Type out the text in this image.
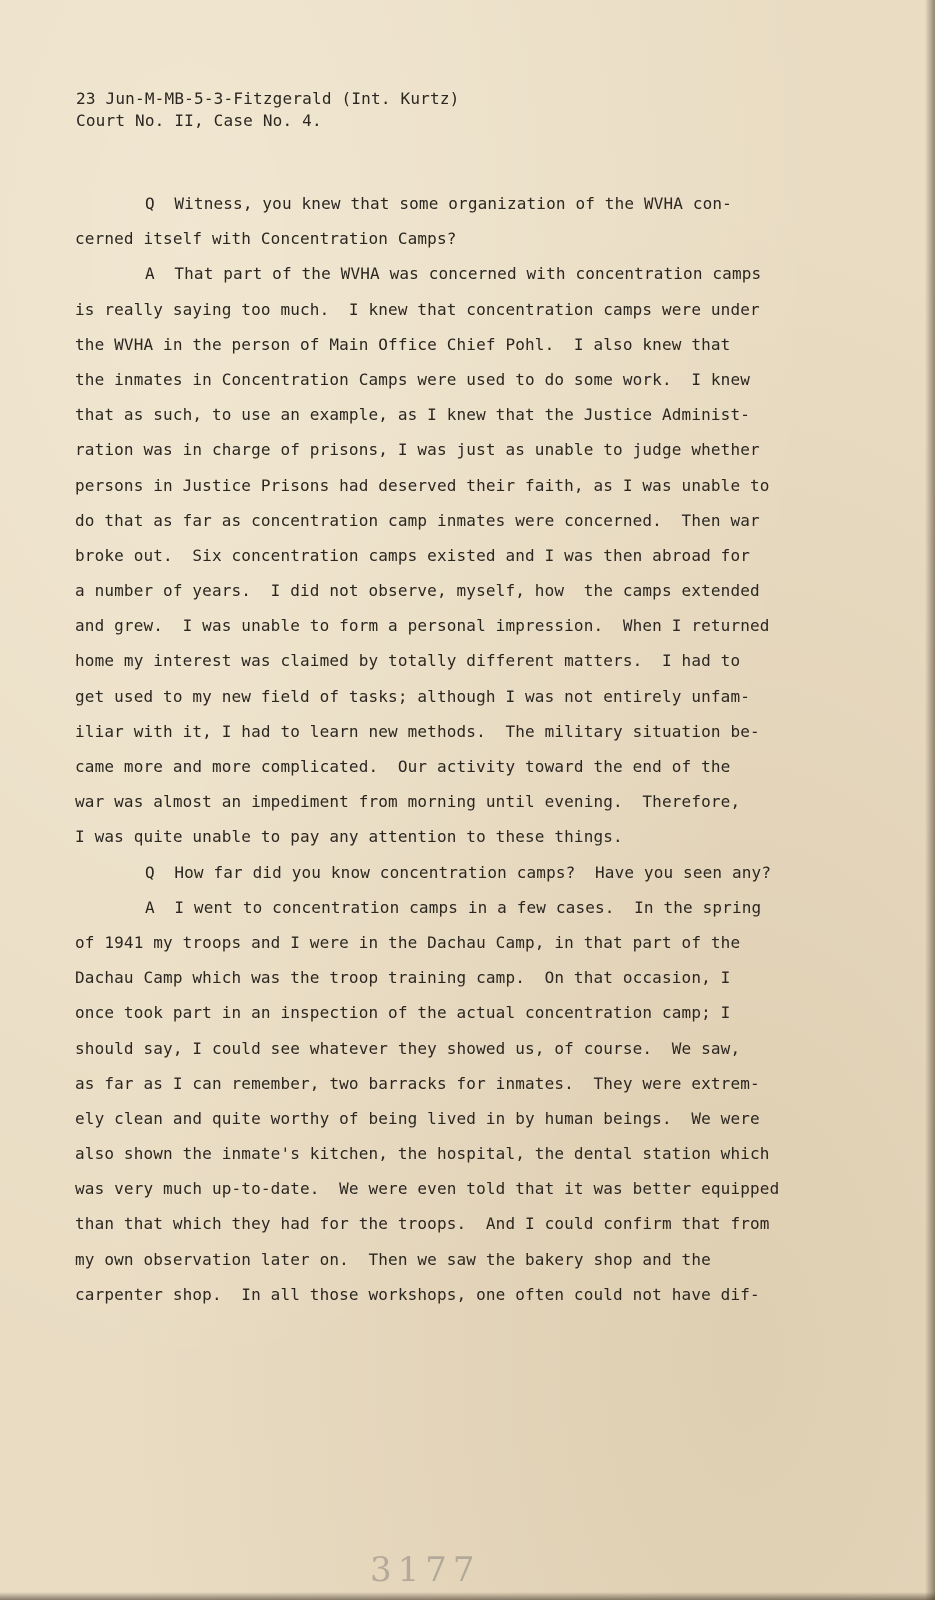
23 Jun-M-MB-5-3-Fitzgerald (Int. Kurtz)
Court No. II, Case No. 4.
Q  Witness, you knew that some organization of the WVHA con-
cerned itself with Concentration Camps?
A  That part of the WVHA was concerned with concentration camps
is really saying too much.  I knew that concentration camps were under
the WVHA in the person of Main Office Chief Pohl.  I also knew that
the inmates in Concentration Camps were used to do some work.  I knew
that as such, to use an example, as I knew that the Justice Administ-
ration was in charge of prisons, I was just as unable to judge whether
persons in Justice Prisons had deserved their faith, as I was unable to
do that as far as concentration camp inmates were concerned.  Then war
broke out.  Six concentration camps existed and I was then abroad for
a number of years.  I did not observe, myself, how  the camps extended
and grew.  I was unable to form a personal impression.  When I returned
home my interest was claimed by totally different matters.  I had to
get used to my new field of tasks; although I was not entirely unfam-
iliar with it, I had to learn new methods.  The military situation be-
came more and more complicated.  Our activity toward the end of the
war was almost an impediment from morning until evening.  Therefore,
I was quite unable to pay any attention to these things.
Q  How far did you know concentration camps?  Have you seen any?
A  I went to concentration camps in a few cases.  In the spring
of 1941 my troops and I were in the Dachau Camp, in that part of the
Dachau Camp which was the troop training camp.  On that occasion, I
once took part in an inspection of the actual concentration camp; I
should say, I could see whatever they showed us, of course.  We saw,
as far as I can remember, two barracks for inmates.  They were extrem-
ely clean and quite worthy of being lived in by human beings.  We were
also shown the inmate's kitchen, the hospital, the dental station which
was very much up-to-date.  We were even told that it was better equipped
than that which they had for the troops.  And I could confirm that from
my own observation later on.  Then we saw the bakery shop and the
carpenter shop.  In all those workshops, one often could not have dif-
3177
